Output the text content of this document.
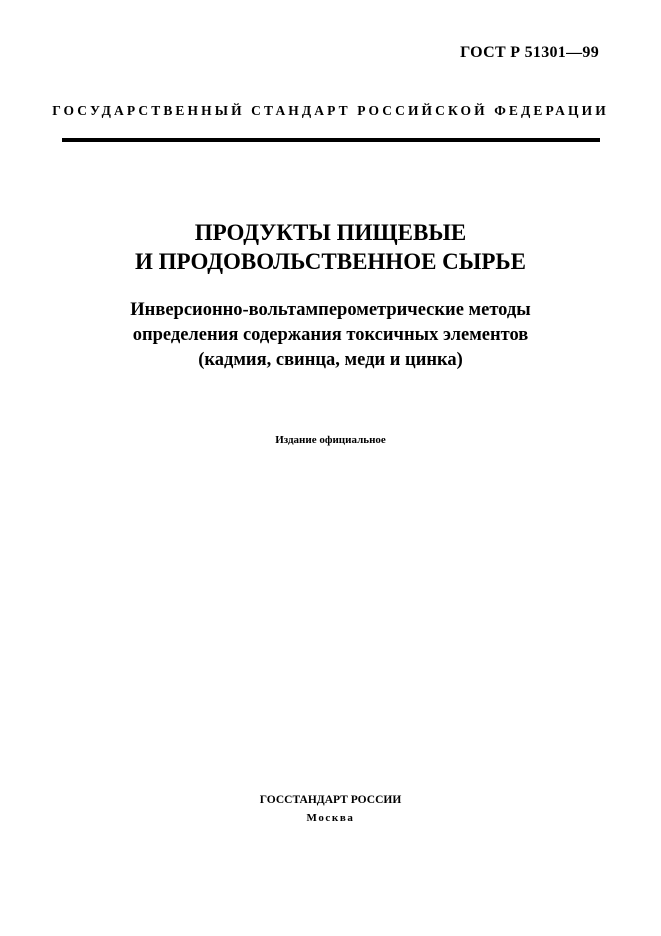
ГОСТ Р 51301—99
ГОСУДАРСТВЕННЫЙ СТАНДАРТ РОССИЙСКОЙ ФЕДЕРАЦИИ
ПРОДУКТЫ ПИЩЕВЫЕ
И ПРОДОВОЛЬСТВЕННОЕ СЫРЬЕ
Инверсионно-вольтамперометрические методы
определения содержания токсичных элементов
(кадмия, свинца, меди и цинка)
Издание официальное
ГОССТАНДАРТ РОССИИ
Москва
